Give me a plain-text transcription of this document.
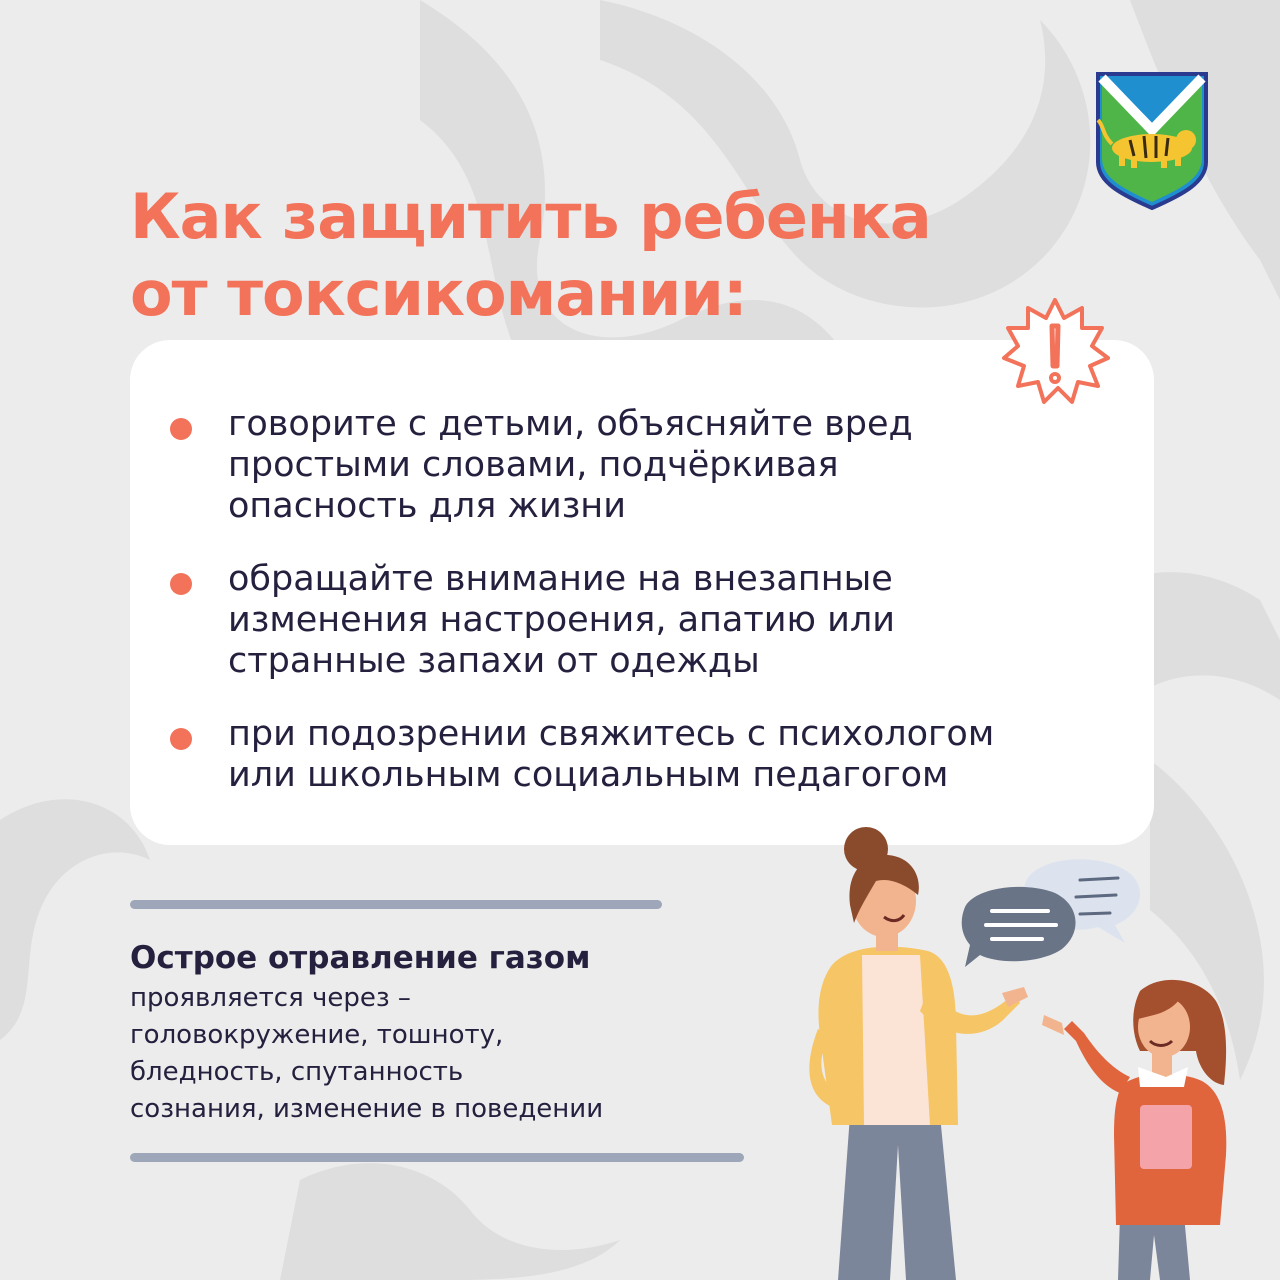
Как защитить ребенка
от токсикомании:
говорите с детьми, объясняйте вред
простыми словами, подчёркивая
опасность для жизни
обращайте внимание на внезапные
изменения настроения, апатию или
странные запахи от одежды
при подозрении свяжитесь с психологом
или школьным социальным педагогом
Острое отравление газом
проявляется через –
головокружение, тошноту,
бледность, спутанность
сознания, изменение в поведении
